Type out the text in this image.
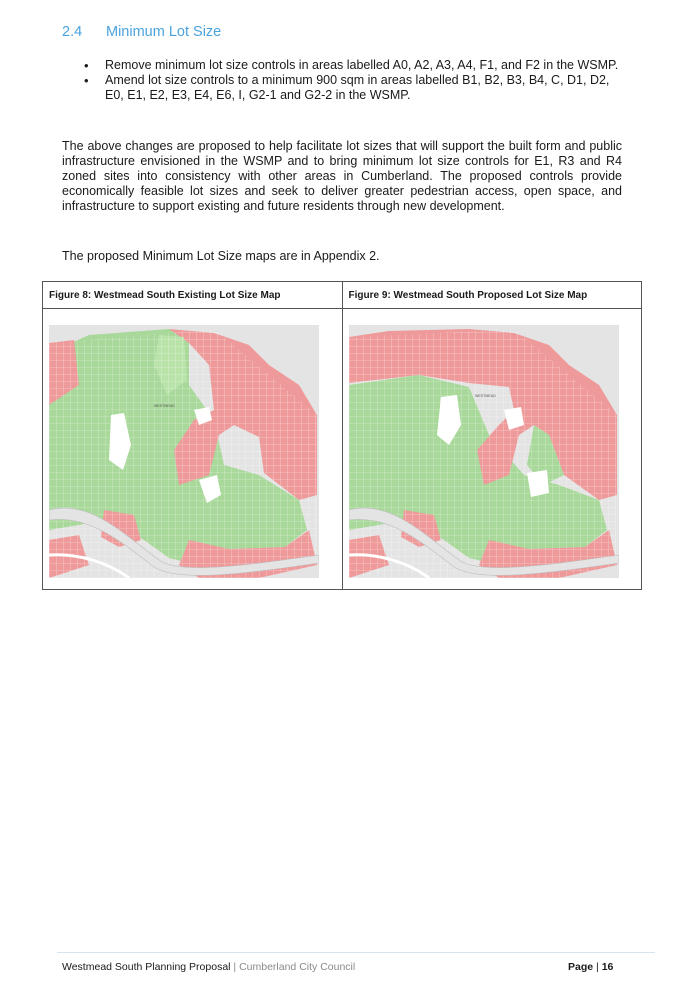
2.4 Minimum Lot Size
• Remove minimum lot size controls in areas labelled A0, A2, A3, A4, F1, and F2 in the WSMP.
• Amend lot size controls to a minimum 900 sqm in areas labelled B1, B2, B3, B4, C, D1, D2, E0, E1, E2, E3, E4, E6, I, G2-1 and G2-2 in the WSMP.

The above changes are proposed to help facilitate lot sizes that will support the built form and public infrastructure envisioned in the WSMP and to bring minimum lot size controls for E1, R3 and R4 zoned sites into consistency with other areas in Cumberland. The proposed controls provide economically feasible lot sizes and seek to deliver greater pedestrian access, open space, and infrastructure to support existing and future residents through new development.

The proposed Minimum Lot Size maps are in Appendix 2.

Figure 8: Westmead South Existing Lot Size Map	Figure 9: Westmead South Proposed Lot Size Map

WESTMEAD	WESTMEAD
Westmead South Planning Proposal | Cumberland City Council	Page | 16
